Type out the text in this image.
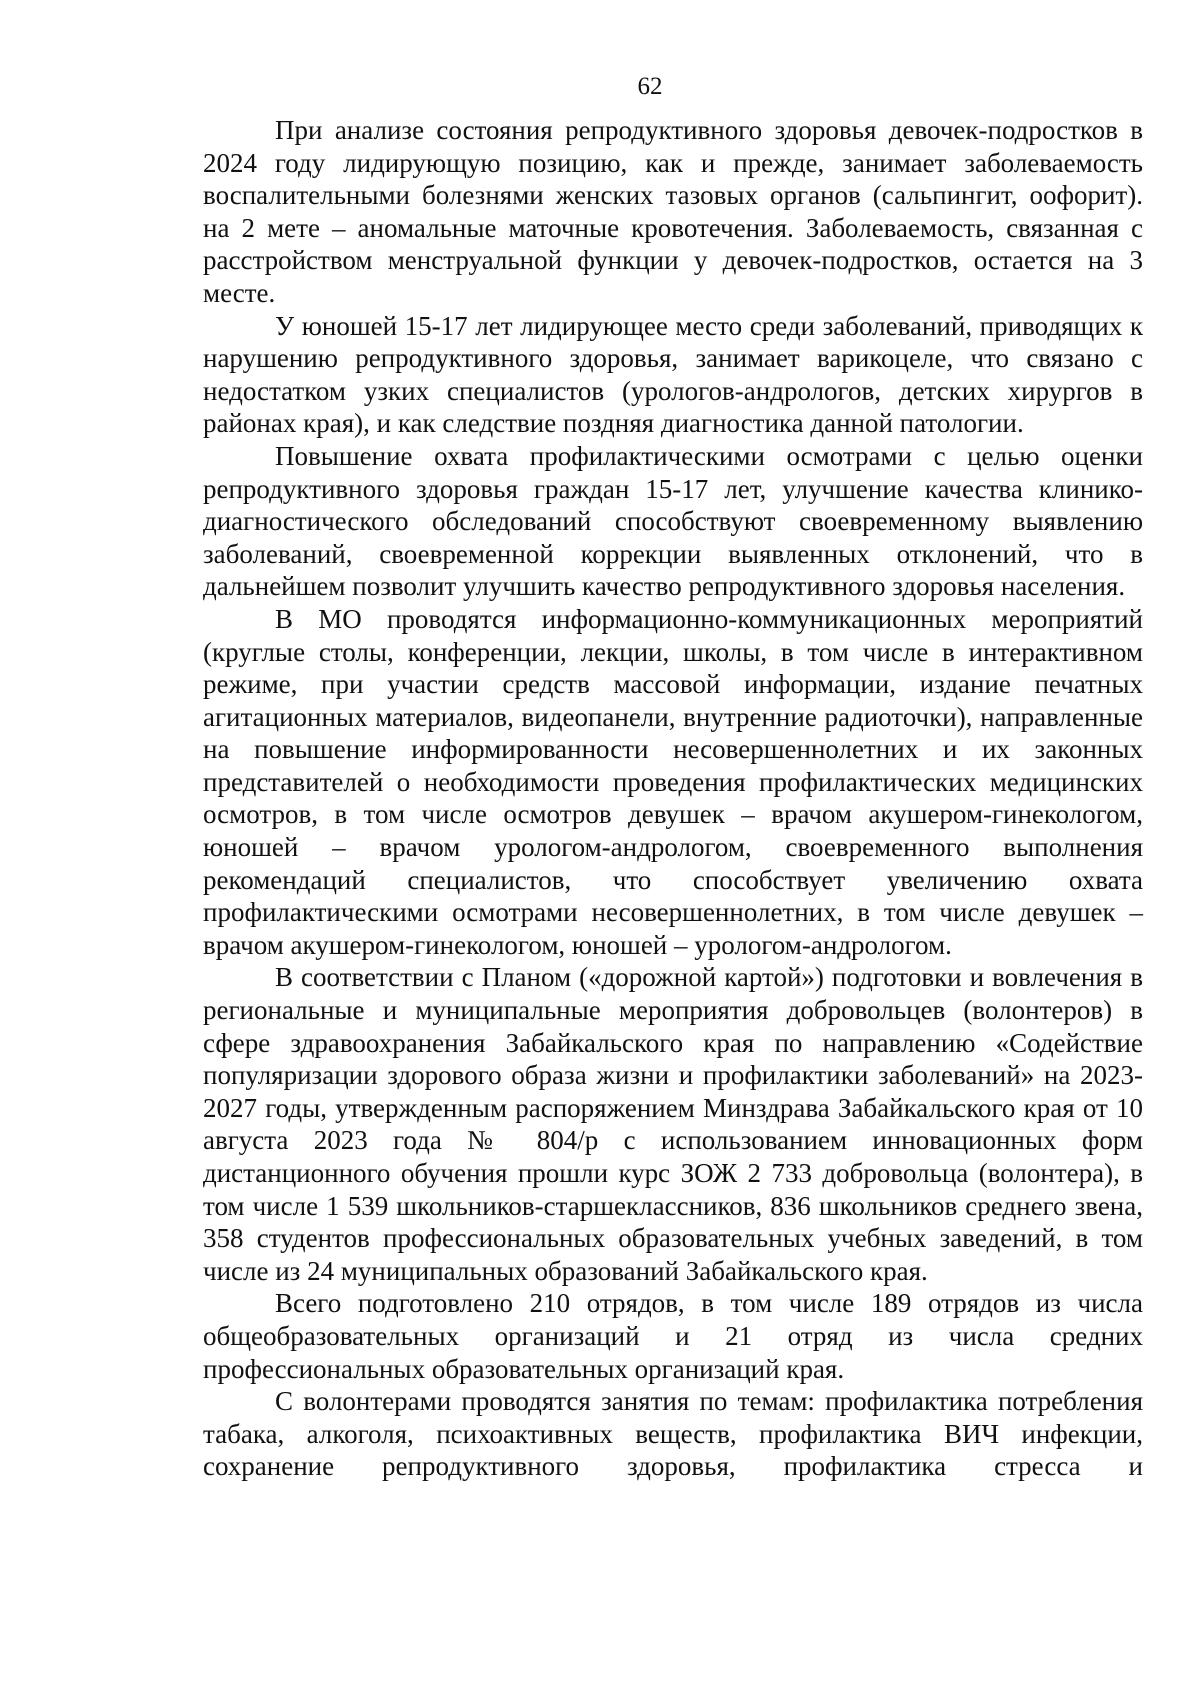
62

При анализе состояния репродуктивного здоровья девочек-подростков в 2024 году лидирующую позицию, как и прежде, занимает заболеваемость воспалительными болезнями женских тазовых органов (сальпингит, оофорит). на 2 мете – аномальные маточные кровотечения. Заболеваемость, связанная с расстройством менструальной функции у девочек-подростков, остается на 3 месте.

У юношей 15-17 лет лидирующее место среди заболеваний, приводящих к нарушению репродуктивного здоровья, занимает варикоцеле, что связано с недостатком узких специалистов (урологов-андрологов, детских хирургов в районах края), и как следствие поздняя диагностика данной патологии.

Повышение охвата профилактическими осмотрами с целью оценки репродуктивного здоровья граждан 15-17 лет, улучшение качества клинико-диагностического обследований способствуют своевременному выявлению заболеваний, своевременной коррекции выявленных отклонений, что в дальнейшем позволит улучшить качество репродуктивного здоровья населения.

В МО проводятся информационно-коммуникационных мероприятий (круглые столы, конференции, лекции, школы, в том числе в интерактивном режиме, при участии средств массовой информации, издание печатных агитационных материалов, видеопанели, внутренние радиоточки), направленные на повышение информированности несовершеннолетних и их законных представителей о необходимости проведения профилактических медицинских осмотров, в том числе осмотров девушек – врачом акушером-гинекологом, юношей – врачом урологом-андрологом, своевременного выполнения рекомендаций специалистов, что способствует увеличению охвата профилактическими осмотрами несовершеннолетних, в том числе девушек – врачом акушером-гинекологом, юношей – урологом-андрологом.

В соответствии с Планом («дорожной картой») подготовки и вовлечения в региональные и муниципальные мероприятия добровольцев (волонтеров) в сфере здравоохранения Забайкальского края по направлению «Содействие популяризации здорового образа жизни и профилактики заболеваний» на 2023-2027 годы, утвержденным распоряжением Минздрава Забайкальского края от 10 августа 2023 года № 804/р с использованием инновационных форм дистанционного обучения прошли курс ЗОЖ 2 733 добровольца (волонтера), в том числе 1 539 школьников-старшеклассников, 836 школьников среднего звена, 358 студентов профессиональных образовательных учебных заведений, в том числе из 24 муниципальных образований Забайкальского края.

Всего подготовлено 210 отрядов, в том числе 189 отрядов из числа общеобразовательных организаций и 21 отряд из числа средних профессиональных образовательных организаций края.

С волонтерами проводятся занятия по темам: профилактика потребления табака, алкоголя, психоактивных веществ, профилактика ВИЧ инфекции, сохранение репродуктивного здоровья, профилактика стресса и
